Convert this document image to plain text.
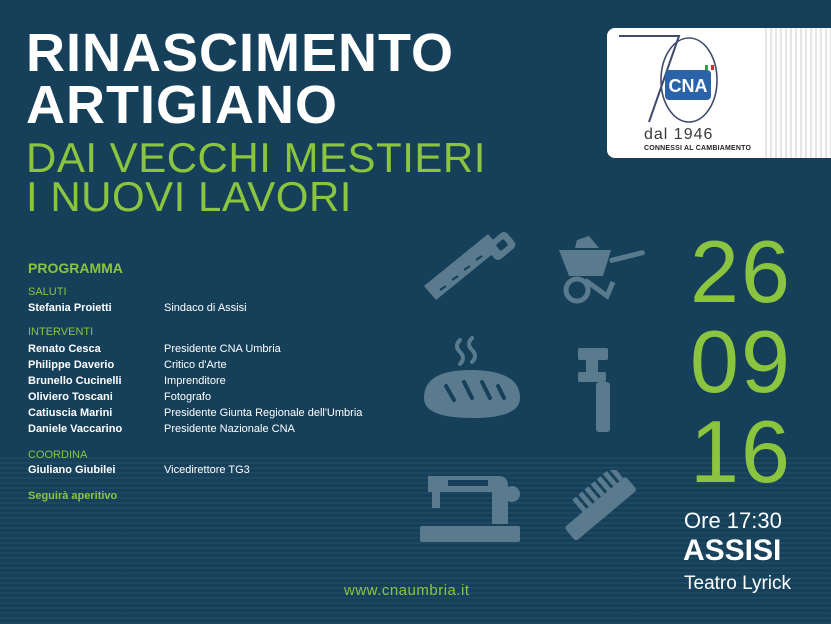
RINASCIMENTO
ARTIGIANO
DAI VECCHI MESTIERI
I NUOVI LAVORI
CNA
dal 1946
CONNESSI AL CAMBIAMENTO
PROGRAMMA
SALUTI
Stefania Proietti	Sindaco di Assisi
INTERVENTI
Renato Cesca	Presidente CNA Umbria
Philippe Daverio	Critico d'Arte
Brunello Cucinelli	Imprenditore
Oliviero Toscani	Fotografo
Catiuscia Marini	Presidente Giunta Regionale dell'Umbria
Daniele Vaccarino	Presidente Nazionale CNA
COORDINA
Giuliano Giubilei	Vicedirettore TG3
Seguirà aperitivo
26
09
16
Ore 17:30
ASSISI
Teatro Lyrick
www.cnaumbria.it
